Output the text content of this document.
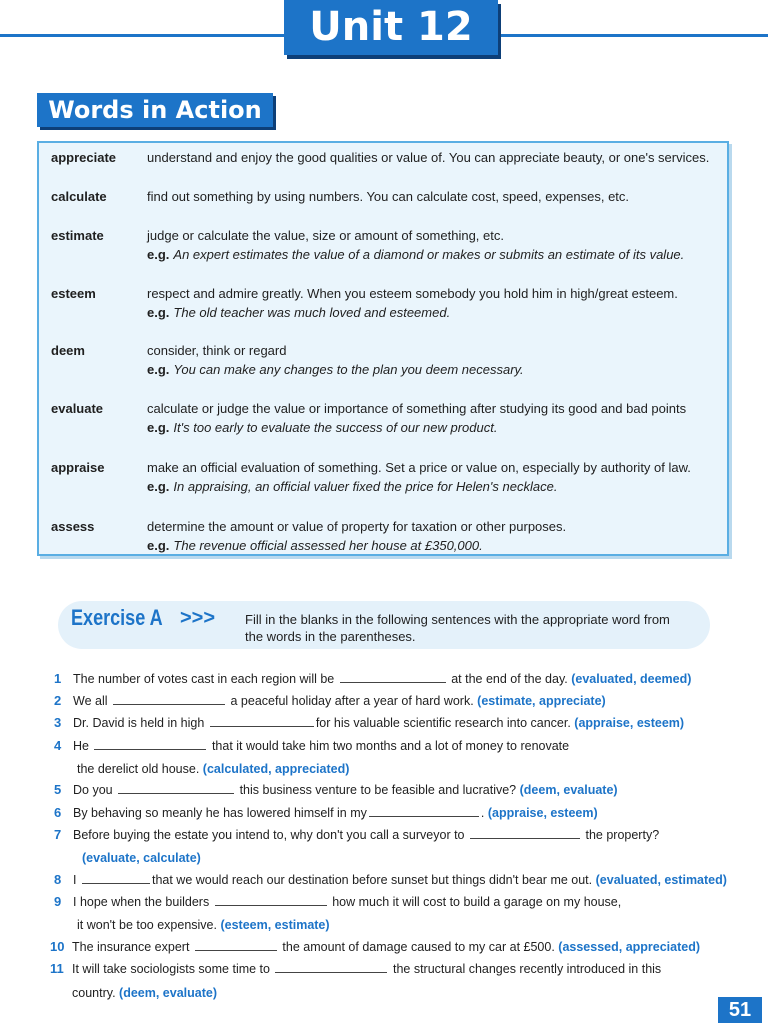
Unit 12
Words in Action
appreciate understand and enjoy the good qualities or value of. You can appreciate beauty, or one's services.
calculate	find out something by using numbers. You can calculate cost, speed, expenses, etc.
estimate	judge or calculate the value, size or amount of something, etc.
e.g. An expert estimates the value of a diamond or makes or submits an estimate of its value.
esteem	respect and admire greatly. When you esteem somebody you hold him in high/great esteem.
e.g. The old teacher was much loved and esteemed.
deem	consider, think or regard
e.g. You can make any changes to the plan you deem necessary.
evaluate	calculate or judge the value or importance of something after studying its good and bad points
e.g. It's too early to evaluate the success of our new product.
appraise	make an official evaluation of something. Set a price or value on, especially by authority of law.
e.g. In appraising, an official valuer fixed the price for Helen's necklace.
assess	determine the amount or value of property for taxation or other purposes.
e.g. The revenue official assessed her house at £350,000.
Exercise A >>> Fill in the blanks in the following sentences with the appropriate word from the words in the parentheses.
1 The number of votes cast in each region will be	at the end of the day. (evaluated, deemed)
2 We all	a peaceful holiday after a year of hard work. (estimate, appreciate)
3 Dr. David is held in high	for his valuable scientific research into cancer. (appraise, esteem)
4 He	that it would take him two months and a lot of money to renovate
the derelict old house. (calculated, appreciated)
5 Do you	this business venture to be feasible and lucrative? (deem, evaluate)
6 By behaving so meanly he has lowered himself in my	. (appraise, esteem)
7 Before buying the estate you intend to, why don't you call a surveyor to	the property?
(evaluate, calculate)
8 I	that we would reach our destination before sunset but things didn't bear me out. (evaluated, estimated)
9 I hope when the builders	how much it will cost to build a garage on my house,
it won't be too expensive. (esteem, estimate)
10 The insurance expert	the amount of damage caused to my car at £500. (assessed, appreciated)
11 It will take sociologists some time to	the structural changes recently introduced in this
country. (deem, evaluate)
51
